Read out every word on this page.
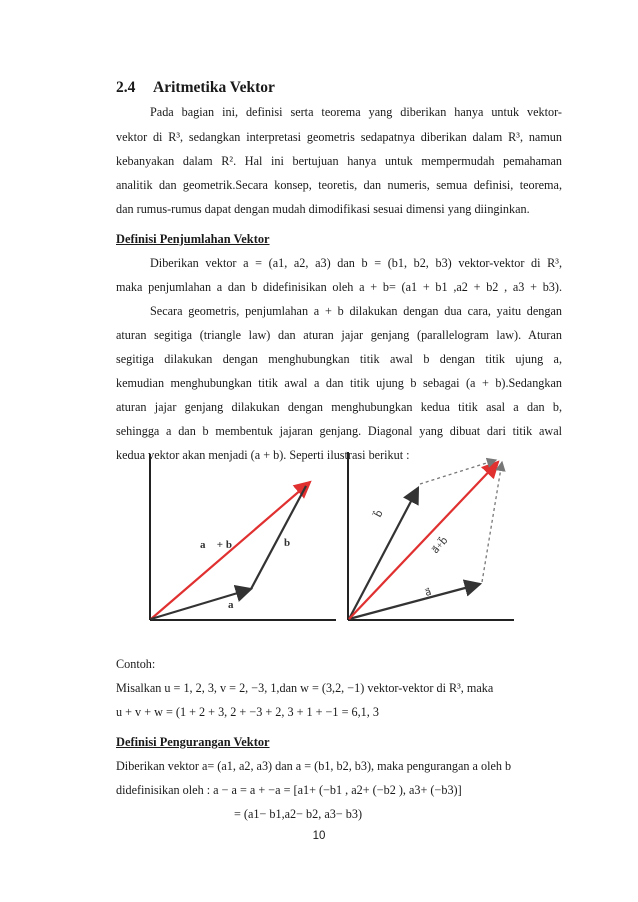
2.4 Aritmetika Vektor
Pada bagian ini, definisi serta teorema yang diberikan hanya untuk vektor-
vektor di R³, sedangkan interpretasi geometris sedapatnya diberikan dalam R³, namun
kebanyakan dalam R². Hal ini bertujuan hanya untuk mempermudah pemahaman
analitik dan geometrik.Secara konsep, teoretis, dan numeris, semua definisi, teorema,
dan rumus-rumus dapat dengan mudah dimodifikasi sesuai dimensi yang diinginkan.
Definisi Penjumlahan Vektor
Diberikan vektor a = (a1, a2, a3) dan b = (b1, b2, b3) vektor-vektor di R³,
maka penjumlahan a dan b didefinisikan oleh a + b= (a1 + b1 ,a2 + b2 , a3 + b3).
Secara geometris, penjumlahan a + b dilakukan dengan dua cara, yaitu dengan
aturan segitiga (triangle law) dan aturan jajar genjang (parallelogram law). Aturan
segitiga dilakukan dengan menghubungkan titik awal b dengan titik ujung a,
kemudian menghubungkan titik awal a dan titik ujung b sebagai (a + b).Sedangkan
aturan jajar genjang dilakukan dengan menghubungkan kedua titik asal a dan b,
sehingga a dan b membentuk jajaran genjang. Diagonal yang dibuat dari titik awal
kedua vektor akan menjadi (a + b). Seperti ilustrasi berikut :
a⃗ + b⃗	b⃗
a⃗
b⃗
a⃗+b⃗
a⃗
Contoh:
Misalkan u = 1, 2, 3, v = 2, −3, 1,dan w = (3,2, −1) vektor-vektor di R³, maka
u + v + w = (1 + 2 + 3, 2 + −3 + 2, 3 + 1 + −1 = 6,1, 3
Definisi Pengurangan Vektor
Diberikan vektor a= (a1, a2, a3) dan a = (b1, b2, b3), maka pengurangan a oleh b
didefinisikan oleh : a − a = a + −a = [a1+ (−b1 , a2+ (−b2 ), a3+ (−b3)]
= (a1− b1,a2− b2, a3− b3)
10
